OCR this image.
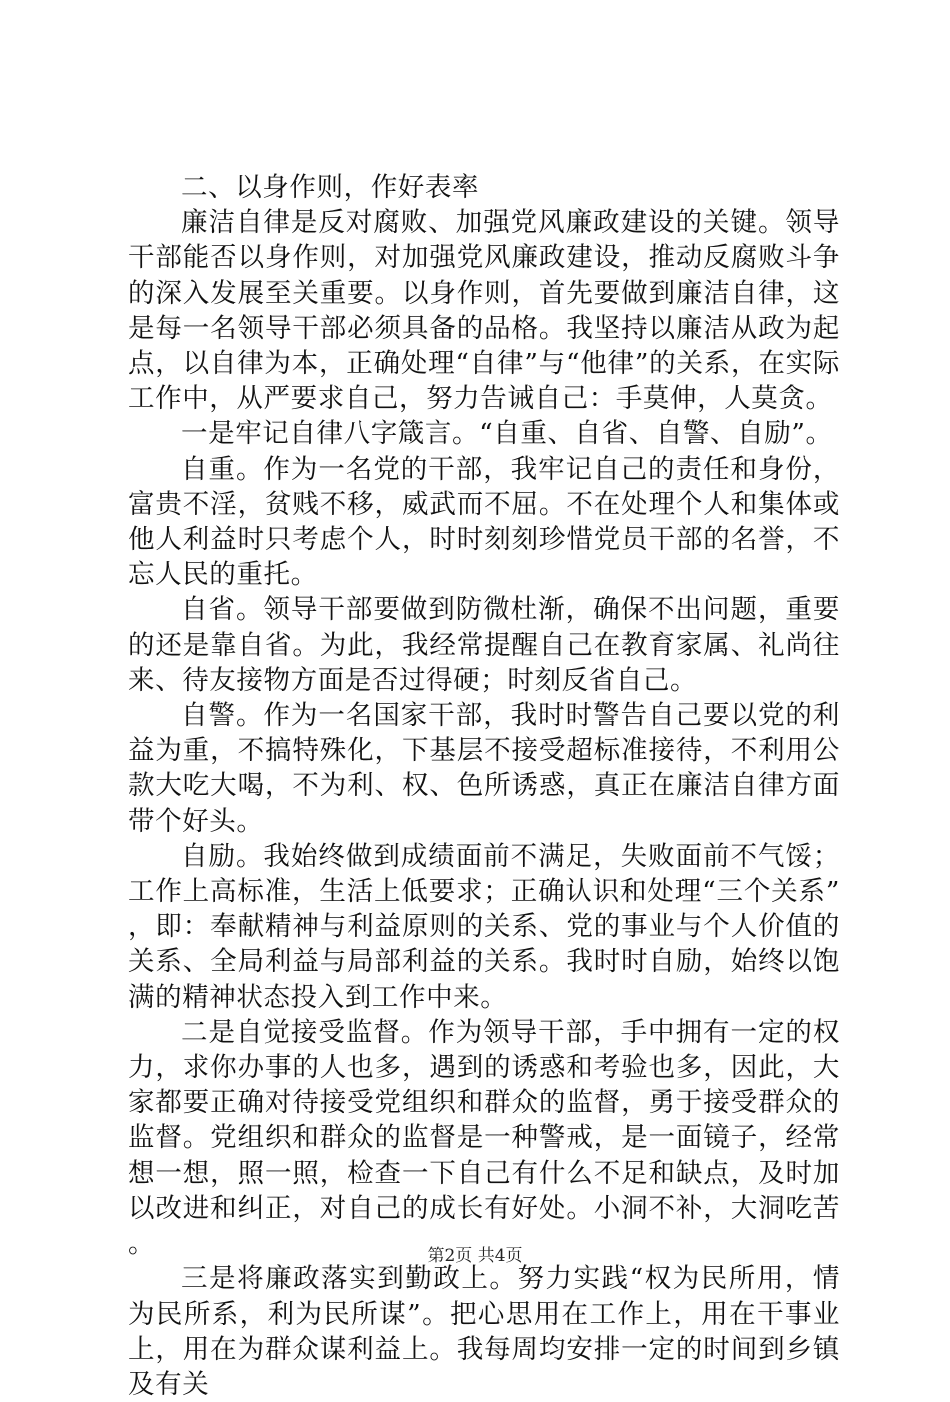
二、以身作则，作好表率

廉洁自律是反对腐败、加强党风廉政建设的关键。领导干部能否以身作则，对加强党风廉政建设，推动反腐败斗争的深入发展至关重要。以身作则，首先要做到廉洁自律，这是每一名领导干部必须具备的品格。我坚持以廉洁从政为起点，以自律为本，正确处理“自律”与“他律”的关系，在实际工作中，从严要求自己，努力告诫自己：手莫伸，人莫贪。

一是牢记自律八字箴言。“自重、自省、自警、自励”。

自重。作为一名党的干部，我牢记自己的责任和身份，富贵不淫，贫贱不移，威武而不屈。不在处理个人和集体或他人利益时只考虑个人，时时刻刻珍惜党员干部的名誉，不忘人民的重托。

自省。领导干部要做到防微杜渐，确保不出问题，重要的还是靠自省。为此，我经常提醒自己在教育家属、礼尚往来、待友接物方面是否过得硬；时刻反省自己。

自警。作为一名国家干部，我时时警告自己要以党的利益为重，不搞特殊化，下基层不接受超标准接待，不利用公款大吃大喝，不为利、权、色所诱惑，真正在廉洁自律方面带个好头。

自励。我始终做到成绩面前不满足，失败面前不气馁；工作上高标准，生活上低要求；正确认识和处理“三个关系”，即：奉献精神与利益原则的关系、党的事业与个人价值的关系、全局利益与局部利益的关系。我时时自励，始终以饱满的精神状态投入到工作中来。

二是自觉接受监督。作为领导干部，手中拥有一定的权力，求你办事的人也多，遇到的诱惑和考验也多，因此，大家都要正确对待接受党组织和群众的监督，勇于接受群众的监督。党组织和群众的监督是一种警戒，是一面镜子，经常想一想，照一照，检查一下自己有什么不足和缺点，及时加以改进和纠正，对自己的成长有好处。小洞不补，大洞吃苦。

三是将廉政落实到勤政上。努力实践“权为民所用，情为民所系，利为民所谋”。把心思用在工作上，用在干事业上，用在为群众谋利益上。我每周均安排一定的时间到乡镇及有关

第2页 共4页
